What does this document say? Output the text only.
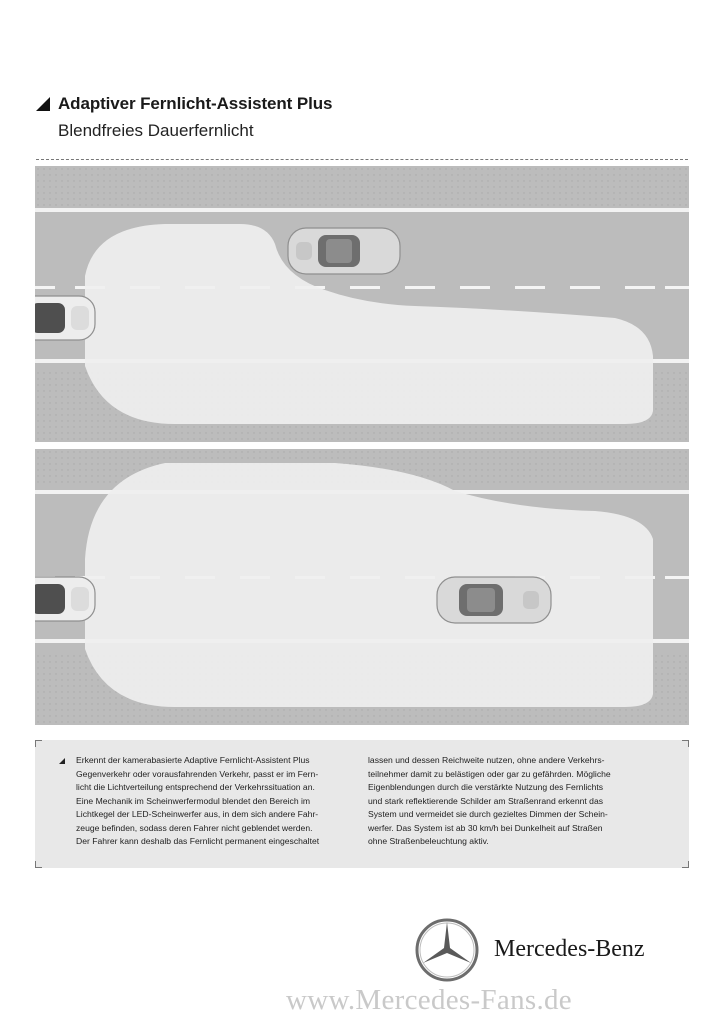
Adaptiver Fernlicht-Assistent Plus
Blendfreies Dauerfernlicht

Erkennt der kamerabasierte Adaptive Fernlicht-Assistent Plus

Gegenverkehr oder vorausfahrenden Verkehr, passt er im Fern-

licht die Lichtverteilung entsprechend der Verkehrssituation an.

Eine Mechanik im Scheinwerfermodul blendet den Bereich im

Lichtkegel der LED-Scheinwerfer aus, in dem sich andere Fahr-

zeuge befinden, sodass deren Fahrer nicht geblendet werden.

Der Fahrer kann deshalb das Fernlicht permanent eingeschaltet

lassen und dessen Reichweite nutzen, ohne andere Verkehrs-

teilnehmer damit zu belästigen oder gar zu gefährden. Mögliche

Eigenblendungen durch die verstärkte Nutzung des Fernlichts

und stark reflektierende Schilder am Straßenrand erkennt das

System und vermeidet sie durch gezieltes Dimmen der Schein-

werfer. Das System ist ab 30 km/h bei Dunkelheit auf Straßen

ohne Straßenbeleuchtung aktiv.

Mercedes-Benz
www.Mercedes-Fans.de
